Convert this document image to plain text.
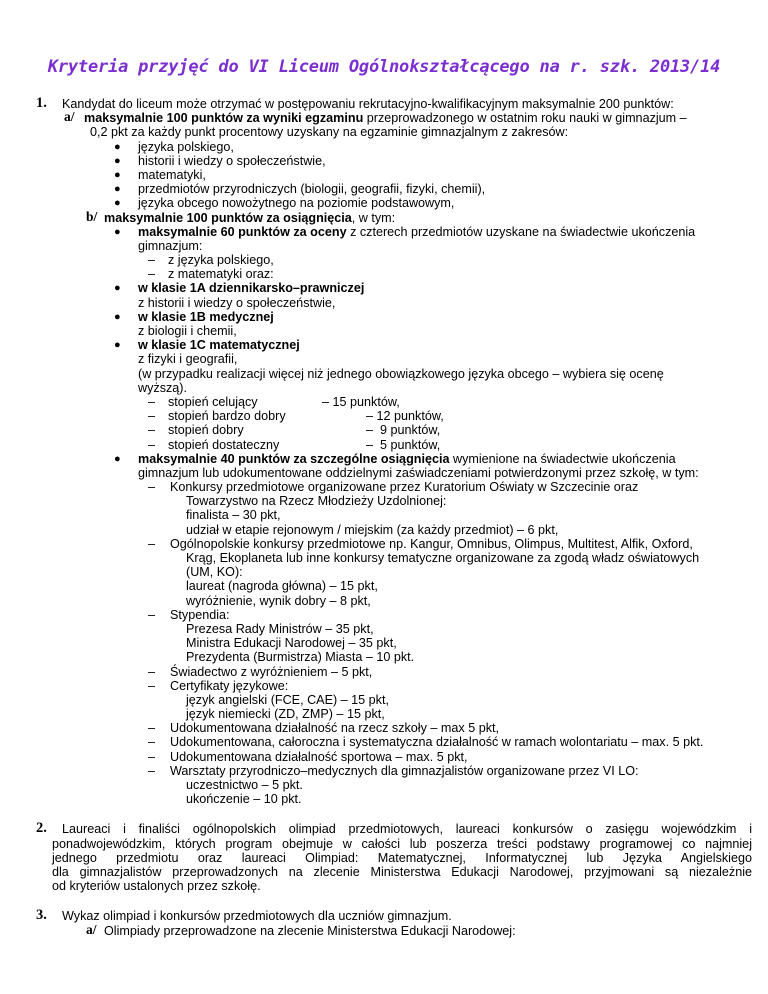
Kryteria przyjęć do VI Liceum Ogólnokształcącego na r. szk. 2013/14
1. Kandydat do liceum może otrzymać w postępowaniu rekrutacyjno-kwalifikacyjnym maksymalnie 200 punktów:
a/ maksymalnie 100 punktów za wyniki egzaminu przeprowadzonego w ostatnim roku nauki w gimnazjum –
0,2 pkt za każdy punkt procentowy uzyskany na egzaminie gimnazjalnym z zakresów:
● języka polskiego,
● historii i wiedzy o społeczeństwie,
● matematyki,
● przedmiotów przyrodniczych (biologii, geografii, fizyki, chemii),
● języka obcego nowożytnego na poziomie podstawowym,
b/ maksymalnie 100 punktów za osiągnięcia, w tym:
● maksymalnie 60 punktów za oceny z czterech przedmiotów uzyskane na świadectwie ukończenia
gimnazjum:
– z języka polskiego,
– z matematyki oraz:
● w klasie 1A dziennikarsko–prawniczej
z historii i wiedzy o społeczeństwie,
● w klasie 1B medycznej
z biologii i chemii,
● w klasie 1C matematycznej
z fizyki i geografii,
(w przypadku realizacji więcej niż jednego obowiązkowego języka obcego – wybiera się ocenę
wyższą).
– stopień celujący	– 15 punktów,
– stopień bardzo dobry	– 12 punktów,
– stopień dobry	–  9 punktów,
– stopień dostateczny	–  5 punktów,
● maksymalnie 40 punktów za szczególne osiągnięcia wymienione na świadectwie ukończenia
gimnazjum lub udokumentowane oddzielnymi zaświadczeniami potwierdzonymi przez szkołę, w tym:
– Konkursy przedmiotowe organizowane przez Kuratorium Oświaty w Szczecinie oraz
Towarzystwo na Rzecz Młodzieży Uzdolnionej:
finalista – 30 pkt,
udział w etapie rejonowym / miejskim (za każdy przedmiot) – 6 pkt,
– Ogólnopolskie konkursy przedmiotowe np. Kangur, Omnibus, Olimpus, Multitest, Alfik, Oxford,
Krąg, Ekoplaneta lub inne konkursy tematyczne organizowane za zgodą władz oświatowych
(UM, KO):
laureat (nagroda główna) – 15 pkt,
wyróżnienie, wynik dobry – 8 pkt,
– Stypendia:
Prezesa Rady Ministrów – 35 pkt,
Ministra Edukacji Narodowej – 35 pkt,
Prezydenta (Burmistrza) Miasta – 10 pkt.
– Świadectwo z wyróżnieniem – 5 pkt,
– Certyfikaty językowe:
język angielski (FCE, CAE) – 15 pkt,
język niemiecki (ZD, ZMP) – 15 pkt,
– Udokumentowana działalność na rzecz szkoły – max 5 pkt,
– Udokumentowana, całoroczna i systematyczna działalność w ramach wolontariatu – max. 5 pkt.
– Udokumentowana działalność sportowa – max. 5 pkt,
– Warsztaty przyrodniczo–medycznych dla gimnazjalistów organizowane przez VI LO:
uczestnictwo – 5 pkt.
ukończenie – 10 pkt.
2. Laureaci i finaliści ogólnopolskich olimpiad przedmiotowych, laureaci konkursów o zasięgu wojewódzkim i
ponadwojewódzkim, których program obejmuje w całości lub poszerza treści podstawy programowej co najmniej
jednego przedmiotu oraz laureaci Olimpiad: Matematycznej, Informatycznej lub Języka Angielskiego
dla gimnazjalistów przeprowadzonych na zlecenie Ministerstwa Edukacji Narodowej, przyjmowani są niezależnie
od kryteriów ustalonych przez szkołę.
3. Wykaz olimpiad i konkursów przedmiotowych dla uczniów gimnazjum.
a/ Olimpiady przeprowadzone na zlecenie Ministerstwa Edukacji Narodowej:
